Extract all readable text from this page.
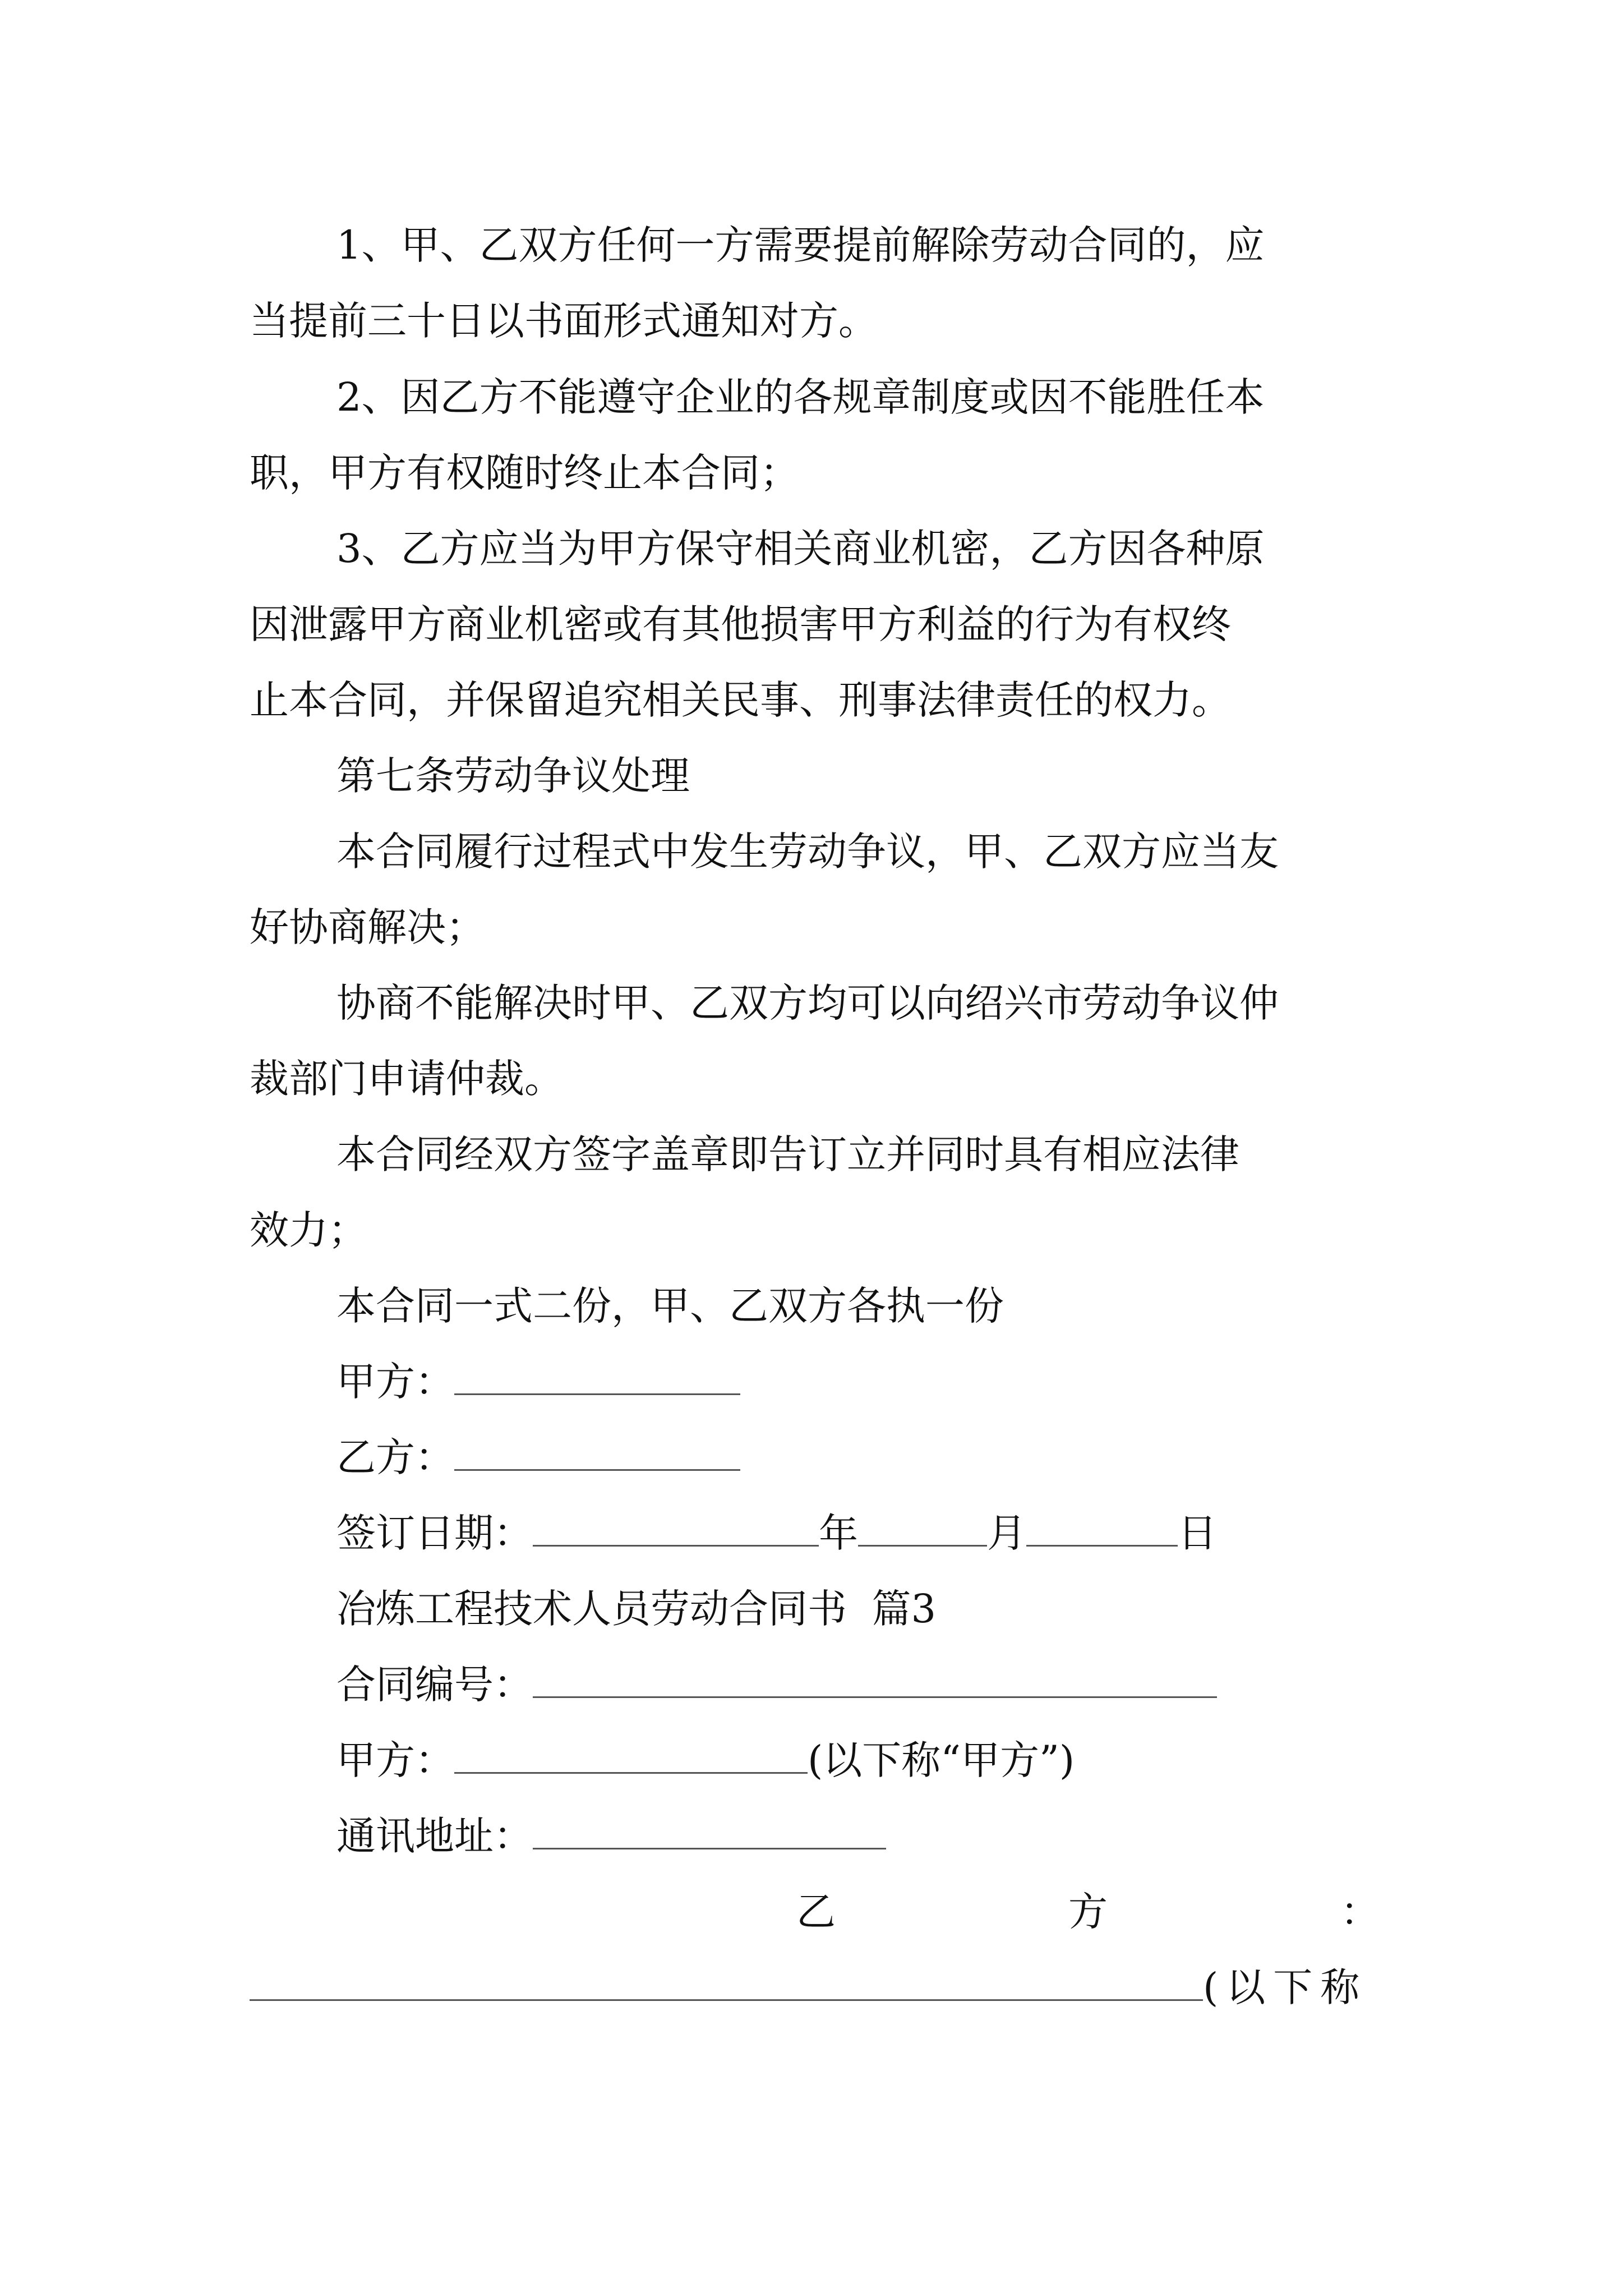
1、甲、乙双方任何一方需要提前解除劳动合同的，应
当提前三十日以书面形式通知对方。
2、因乙方不能遵守企业的各规章制度或因不能胜任本
职，甲方有权随时终止本合同；
3、乙方应当为甲方保守相关商业机密，乙方因各种原
因泄露甲方商业机密或有其他损害甲方利益的行为有权终
止本合同，并保留追究相关民事、刑事法律责任的权力。
第七条劳动争议处理
本合同履行过程式中发生劳动争议，甲、乙双方应当友
好协商解决；
协商不能解决时甲、乙双方均可以向绍兴市劳动争议仲
裁部门申请仲裁。
本合同经双方签字盖章即告订立并同时具有相应法律
效力；
本合同一式二份，甲、乙双方各执一份
甲方：
乙方：
签订日期：	年	月	日
冶炼工程技术人员劳动合同书  篇3
合同编号：
甲方：	(以下称“甲方”)
通讯地址：
乙	方	：
(以下称
